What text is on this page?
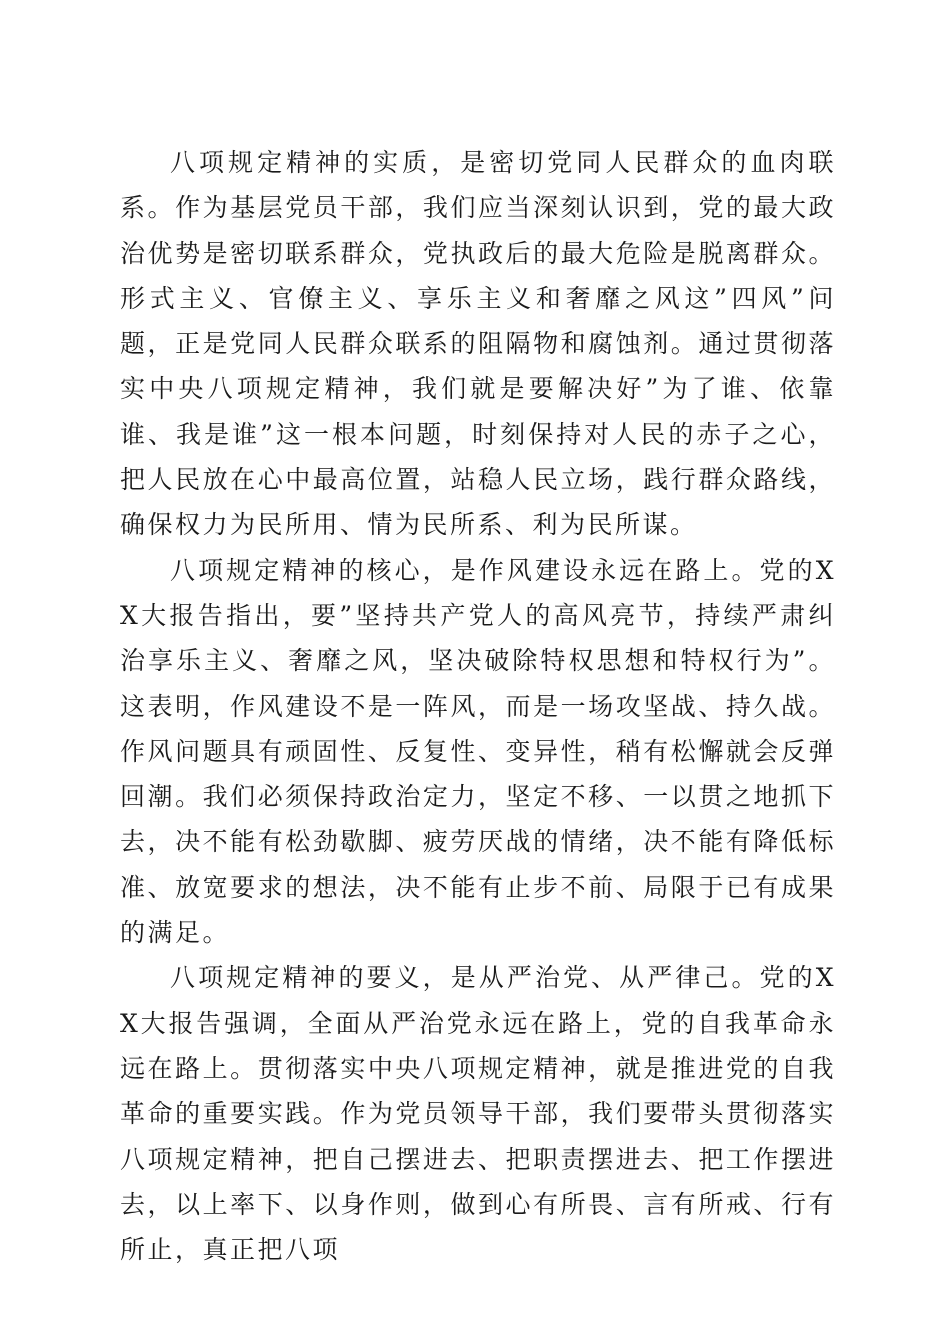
八项规定精神的实质，是密切党同人民群众的血肉联系。作为基层党员干部，我们应当深刻认识到，党的最大政治优势是密切联系群众，党执政后的最大危险是脱离群众。形式主义、官僚主义、享乐主义和奢靡之风这”四风”问题，正是党同人民群众联系的阻隔物和腐蚀剂。通过贯彻落实中央八项规定精神，我们就是要解决好”为了谁、依靠谁、我是谁”这一根本问题，时刻保持对人民的赤子之心，把人民放在心中最高位置，站稳人民立场，践行群众路线，确保权力为民所用、情为民所系、利为民所谋。

八项规定精神的核心，是作风建设永远在路上。党的XX大报告指出，要”坚持共产党人的高风亮节，持续严肃纠治享乐主义、奢靡之风，坚决破除特权思想和特权行为”。这表明，作风建设不是一阵风，而是一场攻坚战、持久战。作风问题具有顽固性、反复性、变异性，稍有松懈就会反弹回潮。我们必须保持政治定力，坚定不移、一以贯之地抓下去，决不能有松劲歇脚、疲劳厌战的情绪，决不能有降低标准、放宽要求的想法，决不能有止步不前、局限于已有成果的满足。

八项规定精神的要义，是从严治党、从严律己。党的XX大报告强调，全面从严治党永远在路上，党的自我革命永远在路上。贯彻落实中央八项规定精神，就是推进党的自我革命的重要实践。作为党员领导干部，我们要带头贯彻落实八项规定精神，把自己摆进去、把职责摆进去、把工作摆进去，以上率下、以身作则，做到心有所畏、言有所戒、行有所止，真正把八项
